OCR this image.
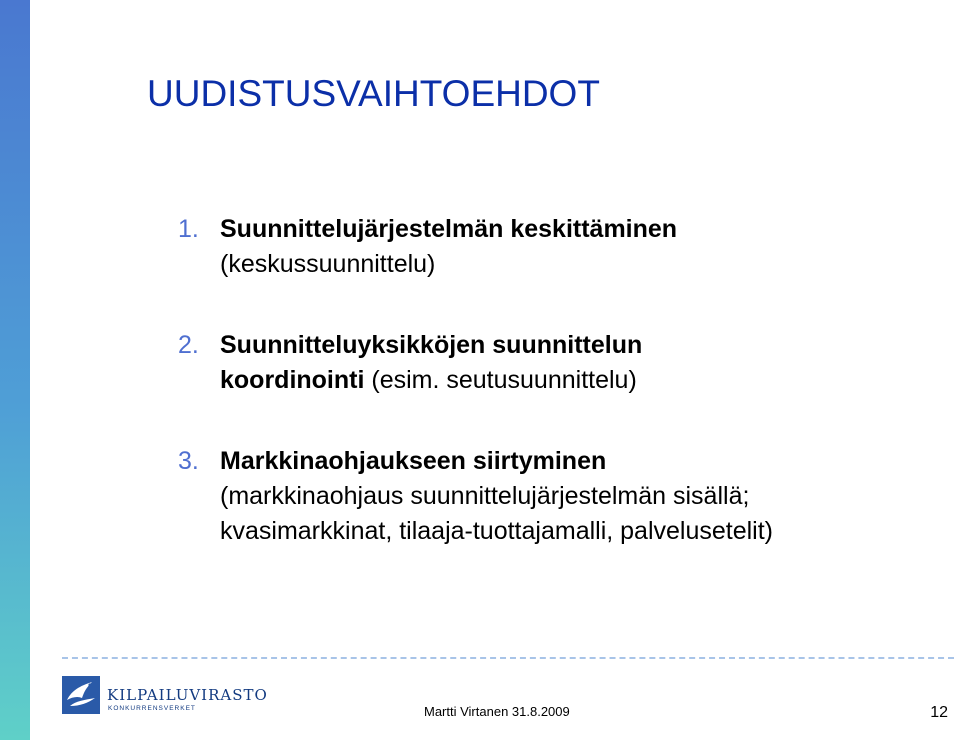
UUDISTUSVAIHTOEHDOT
1. Suunnittelujärjestelmän keskittäminen
(keskussuunnittelu)
2. Suunnitteluyksikköjen suunnittelun
koordinointi (esim. seutusuunnittelu)
3. Markkinaohjaukseen siirtyminen
(markkinaohjaus suunnittelujärjestelmän sisällä;
kvasimarkkinat, tilaaja-tuottajamalli, palvelusetelit)
KILPAILUVIRASTO
KONKURRENSVERKET	Martti Virtanen 31.8.2009	12
